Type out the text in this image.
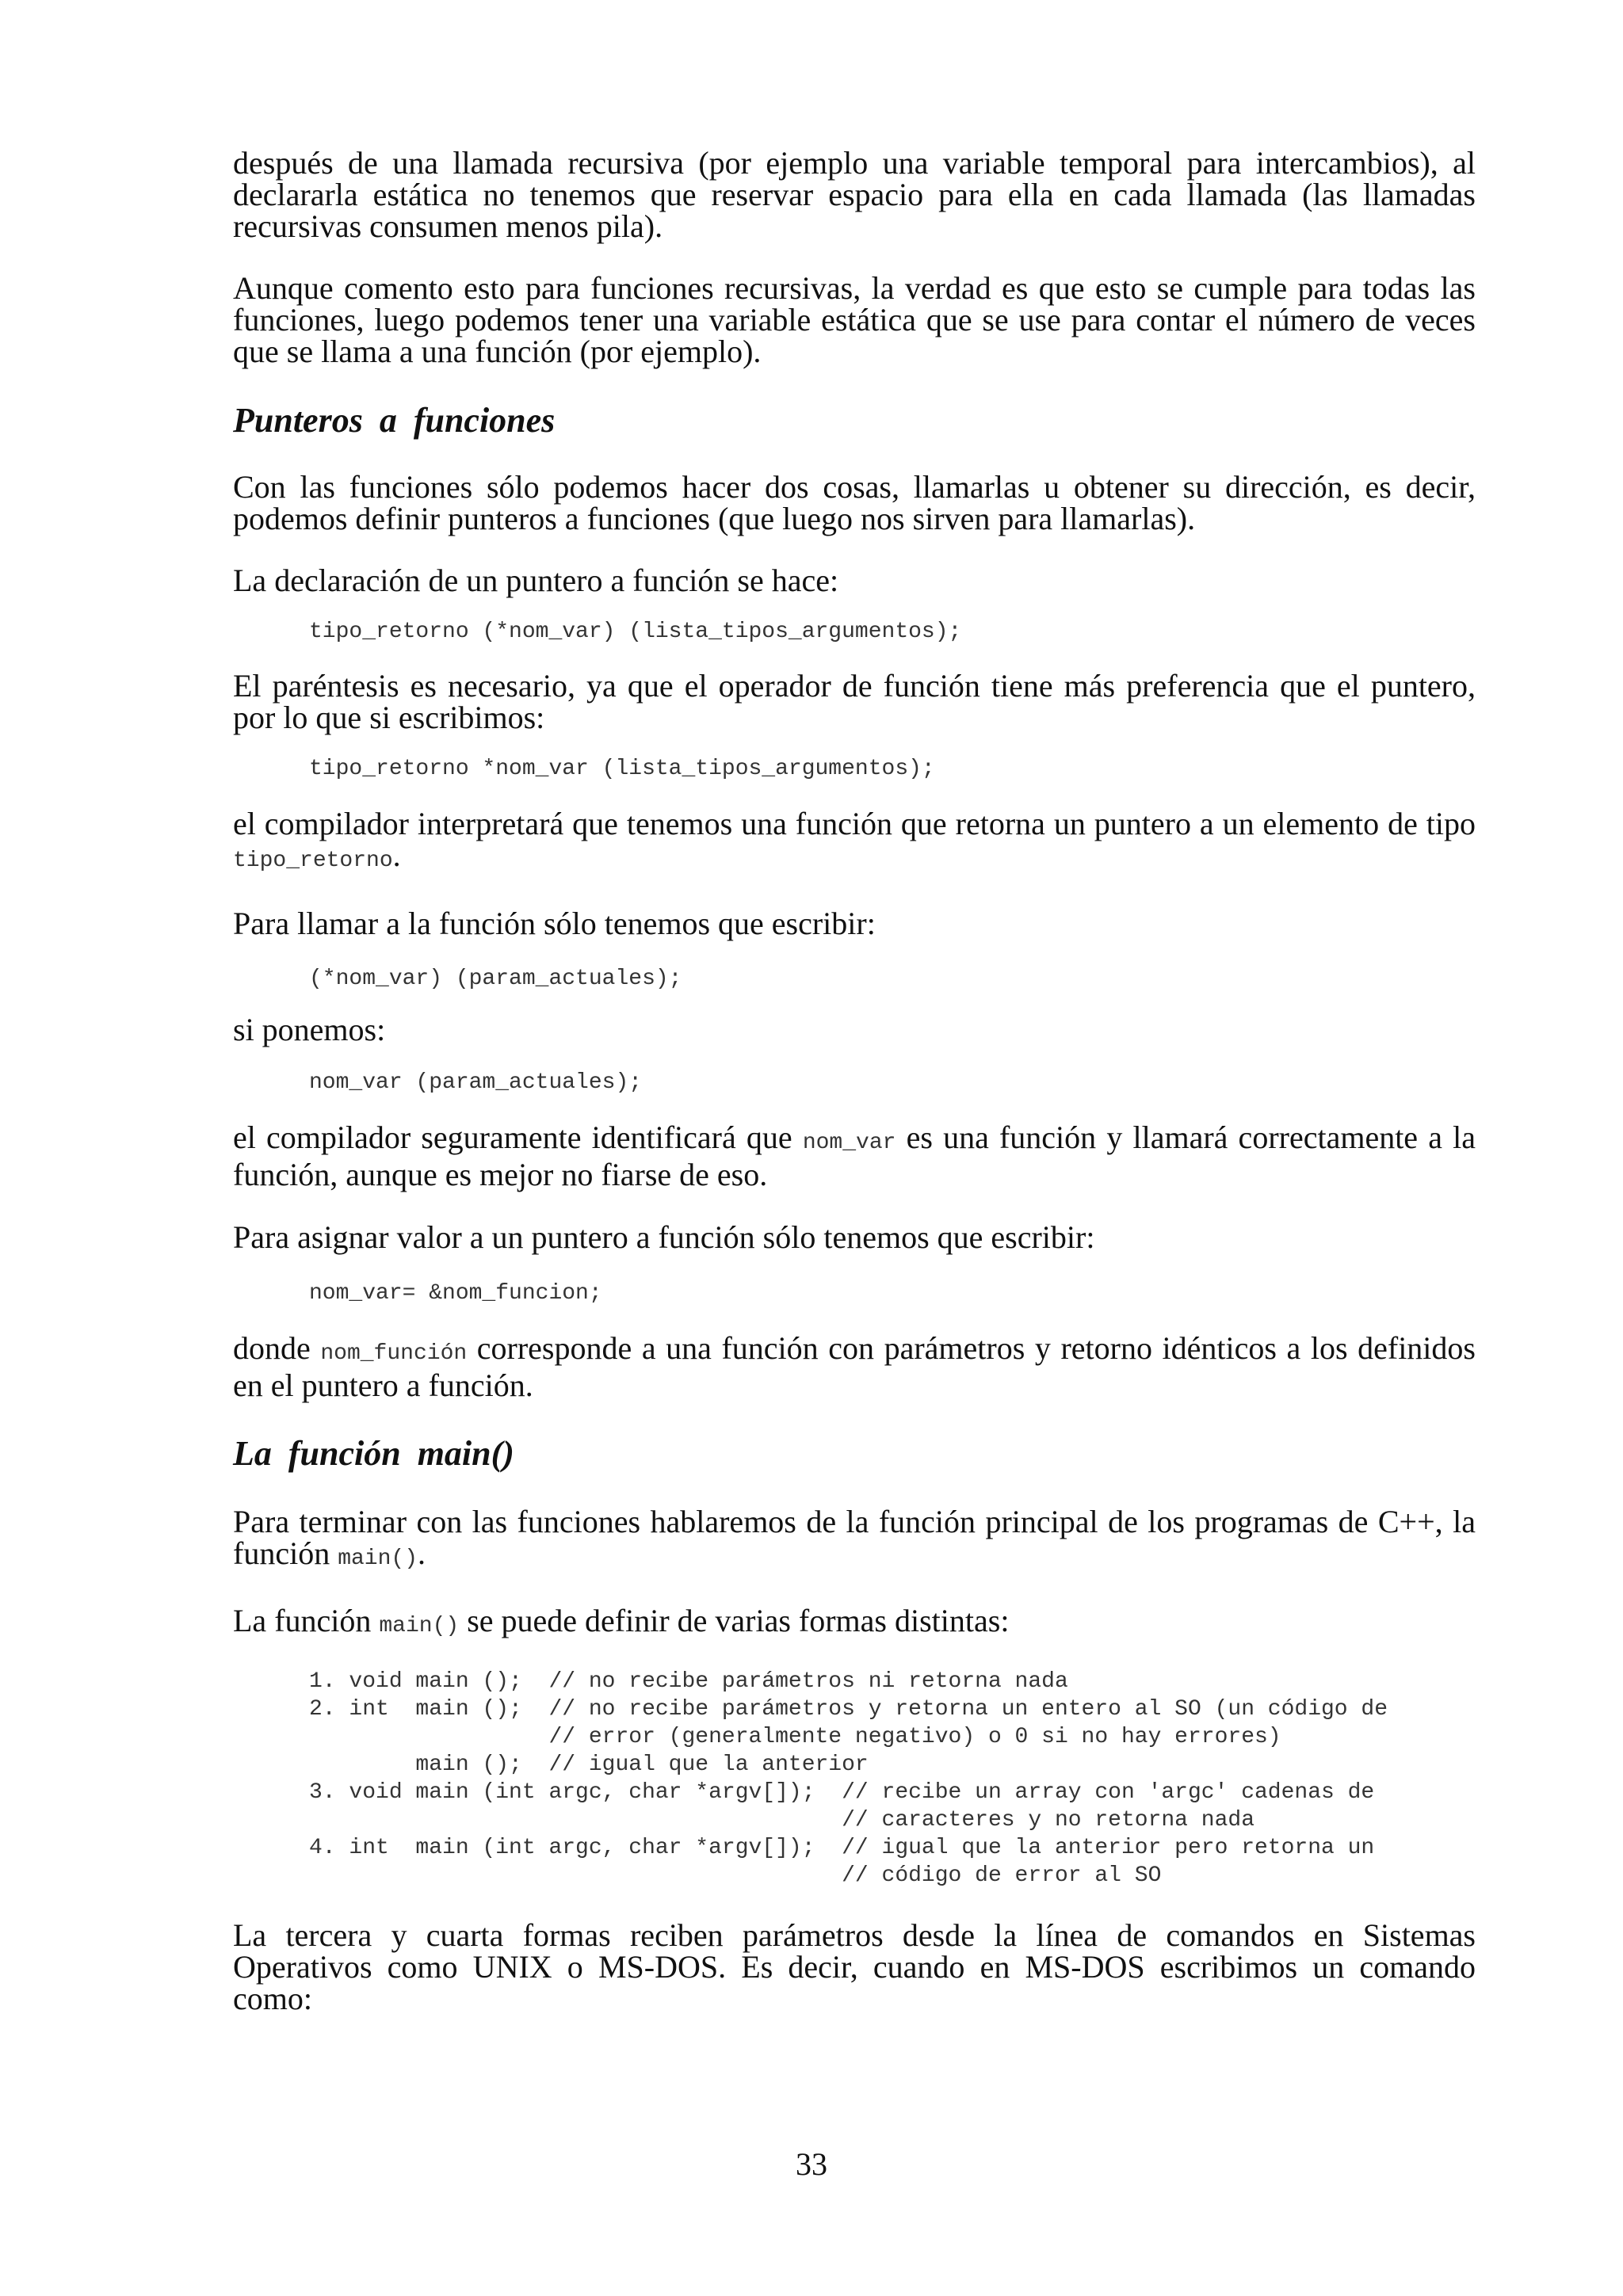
después de una llamada recursiva (por ejemplo una variable temporal para intercambios), al declararla estática no tenemos que reservar espacio para ella en cada llamada (las llamadas recursivas consumen menos pila).

Aunque comento esto para funciones recursivas, la verdad es que esto se cumple para todas las funciones, luego podemos tener una variable estática que se use para contar el número de veces que se llama a una función (por ejemplo).

Punteros a funciones

Con las funciones sólo podemos hacer dos cosas, llamarlas u obtener su dirección, es decir, podemos definir punteros a funciones (que luego nos sirven para llamarlas).

La declaración de un puntero a función se hace:

tipo_retorno (*nom_var) (lista_tipos_argumentos);

El paréntesis es necesario, ya que el operador de función tiene más preferencia que el puntero, por lo que si escribimos:

tipo_retorno *nom_var (lista_tipos_argumentos);

el compilador interpretará que tenemos una función que retorna un puntero a un elemento de tipo tipo_retorno.

Para llamar a la función sólo tenemos que escribir:

(*nom_var) (param_actuales);

si ponemos:

nom_var (param_actuales);

el compilador seguramente identificará que nom_var es una función y llamará correctamente a la función, aunque es mejor no fiarse de eso.

Para asignar valor a un puntero a función sólo tenemos que escribir:

nom_var= &nom_funcion;

donde nom_función corresponde a una función con parámetros y retorno idénticos a los definidos en el puntero a función.

La función main()

Para terminar con las funciones hablaremos de la función principal de los programas de C++, la función main().

La función main() se puede definir de varias formas distintas:

1. void main ();  // no recibe parámetros ni retorna nada
2. int  main ();  // no recibe parámetros y retorna un entero al SO (un código de
// error (generalmente negativo) o 0 si no hay errores)
main ();  // igual que la anterior
3. void main (int argc, char *argv[]);  // recibe un array con 'argc' cadenas de
// caracteres y no retorna nada
4. int  main (int argc, char *argv[]);  // igual que la anterior pero retorna un
// código de error al SO

La tercera y cuarta formas reciben parámetros desde la línea de comandos en Sistemas Operativos como UNIX o MS-DOS. Es decir, cuando en MS-DOS escribimos un comando como:

33
